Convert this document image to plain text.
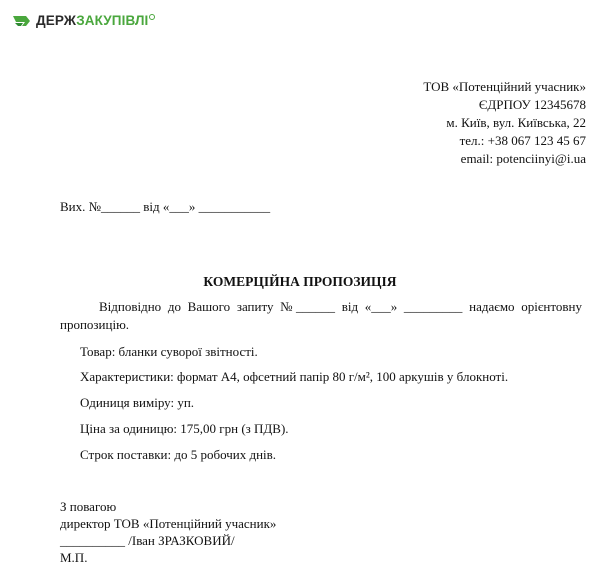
ДЕРЖЗАКУПІВЛІ
ТОВ «Потенційний учасник»
ЄДРПОУ 12345678
м. Київ, вул. Київська, 22
тел.: +38 067 123 45 67
email: potenciinyi@i.ua
Вих. №______ від «___» ___________
КОМЕРЦІЙНА ПРОПОЗИЦІЯ

Відповідно до Вашого запиту №______ від «___» _________ надаємо орієнтовну пропозицію.

Товар: бланки суворої звітності.
Характеристики: формат А4, офсетний папір 80 г/м², 100 аркушів у блокноті.
Одиниця виміру: уп.
Ціна за одиницю: 175,00 грн (з ПДВ).
Строк поставки: до 5 робочих днів.
З повагою
директор ТОВ «Потенційний учасник»
__________ /Іван ЗРАЗКОВИЙ/
М.П.
